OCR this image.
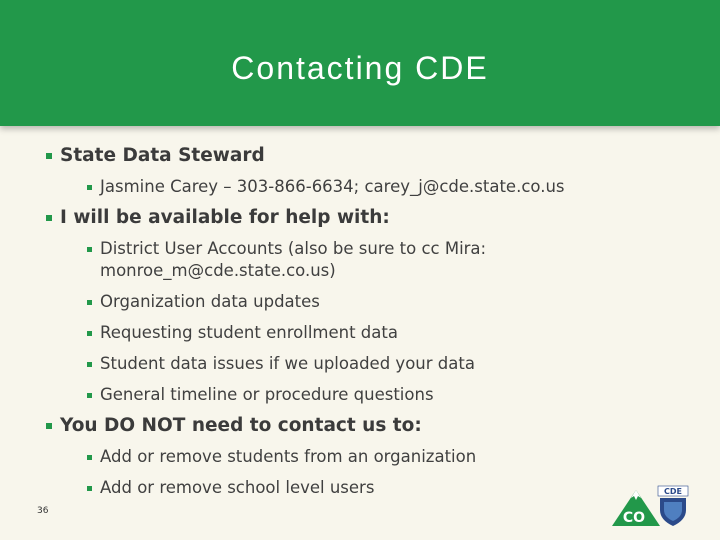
Contacting CDE
State Data Steward
Jasmine Carey – 303-866-6634; carey_j@cde.state.co.us
I will be available for help with:
District User Accounts (also be sure to cc Mira: monroe_m@cde.state.co.us)
Organization data updates
Requesting student enrollment data
Student data issues if we uploaded your data
General timeline or procedure questions
You DO NOT need to contact us to:
Add or remove students from an organization
Add or remove school level users
36	CO
CDE
